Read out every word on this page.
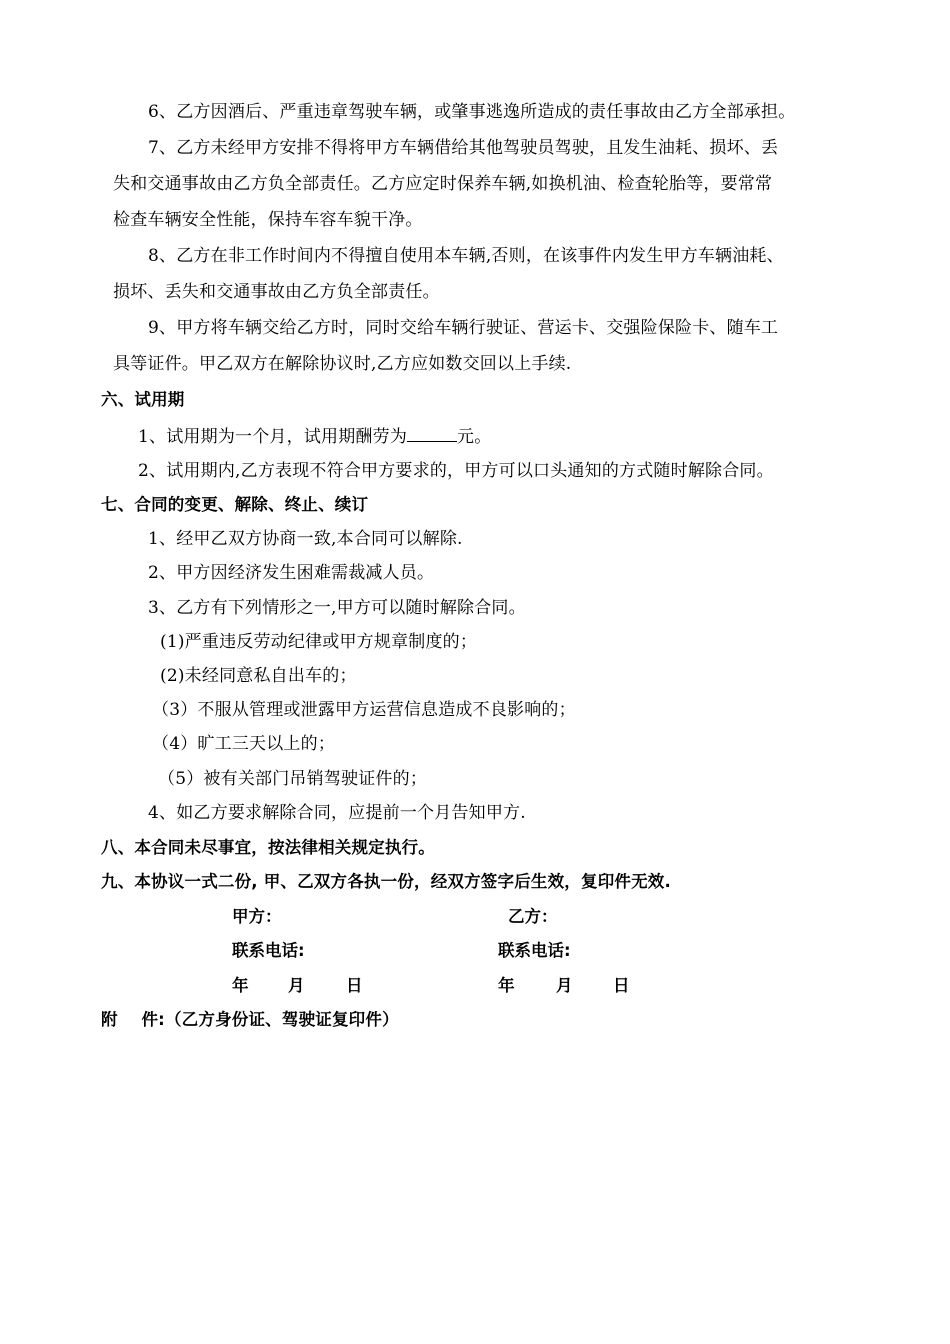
6、乙方因酒后、严重违章驾驶车辆，或肇事逃逸所造成的责任事故由乙方全部承担。
7、乙方未经甲方安排不得将甲方车辆借给其他驾驶员驾驶，且发生油耗、损坏、丢
失和交通事故由乙方负全部责任。乙方应定时保养车辆,如换机油、检查轮胎等，要常常
检查车辆安全性能，保持车容车貌干净。
8、乙方在非工作时间内不得擅自使用本车辆,否则，在该事件内发生甲方车辆油耗、
损坏、丢失和交通事故由乙方负全部责任。
9、甲方将车辆交给乙方时，同时交给车辆行驶证、营运卡、交强险保险卡、随车工
具等证件。甲乙双方在解除协议时,乙方应如数交回以上手续.
六、试用期
1、试用期为一个月，试用期酬劳为	元。
2、试用期内,乙方表现不符合甲方要求的，甲方可以口头通知的方式随时解除合同。
七、合同的变更、解除、终止、续订
1、经甲乙双方协商一致,本合同可以解除.
2、甲方因经济发生困难需裁减人员。
3、乙方有下列情形之一,甲方可以随时解除合同。
(1)严重违反劳动纪律或甲方规章制度的；
(2)未经同意私自出车的；
（3）不服从管理或泄露甲方运营信息造成不良影响的；
（4）旷工三天以上的；
（5）被有关部门吊销驾驶证件的；
4、如乙方要求解除合同，应提前一个月告知甲方.
八、本合同未尽事宜，按法律相关规定执行。
九、本协议一式二份, 甲、乙双方各执一份，经双方签字后生效，复印件无效.
甲方：	乙方：
联系电话:	联系电话:
年 月	日	年	月 日
附    件:（乙方身份证、驾驶证复印件）
